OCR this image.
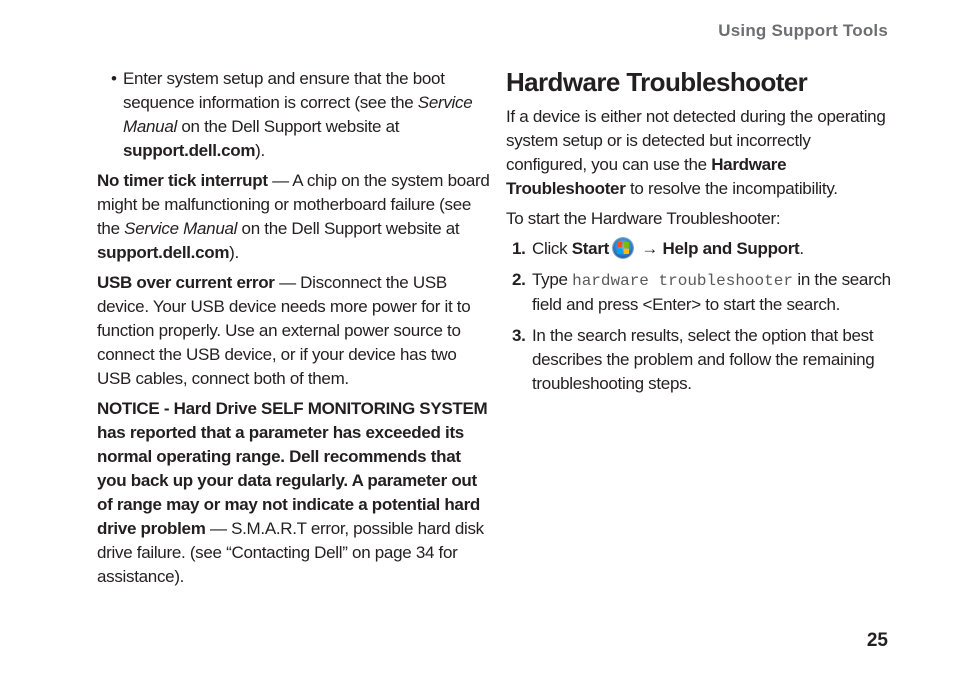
Using Support Tools
• Enter system setup and ensure that the boot sequence information is correct (see the Service Manual on the Dell Support website at support.dell.com).

No timer tick interrupt — A chip on the system board might be malfunctioning or motherboard failure (see the Service Manual on the Dell Support website at support.dell.com).

USB over current error — Disconnect the USB device. Your USB device needs more power for it to function properly. Use an external power source to connect the USB device, or if your device has two USB cables, connect both of them.

NOTICE - Hard Drive SELF MONITORING SYSTEM has reported that a parameter has exceeded its normal operating range. Dell recommends that you back up your data regularly. A parameter out of range may or may not indicate a potential hard drive problem — S.M.A.R.T error, possible hard disk drive failure. (see “Contacting Dell” on page 34 for assistance).

Hardware Troubleshooter

If a device is either not detected during the operating system setup or is detected but incorrectly configured, you can use the Hardware Troubleshooter to resolve the incompatibility.

To start the Hardware Troubleshooter:

1. Click Start
→ Help and Support.
2. Type hardware troubleshooter in the search field and press <Enter> to start the search.
3. In the search results, select the option that best describes the problem and follow the remaining troubleshooting steps.
25
